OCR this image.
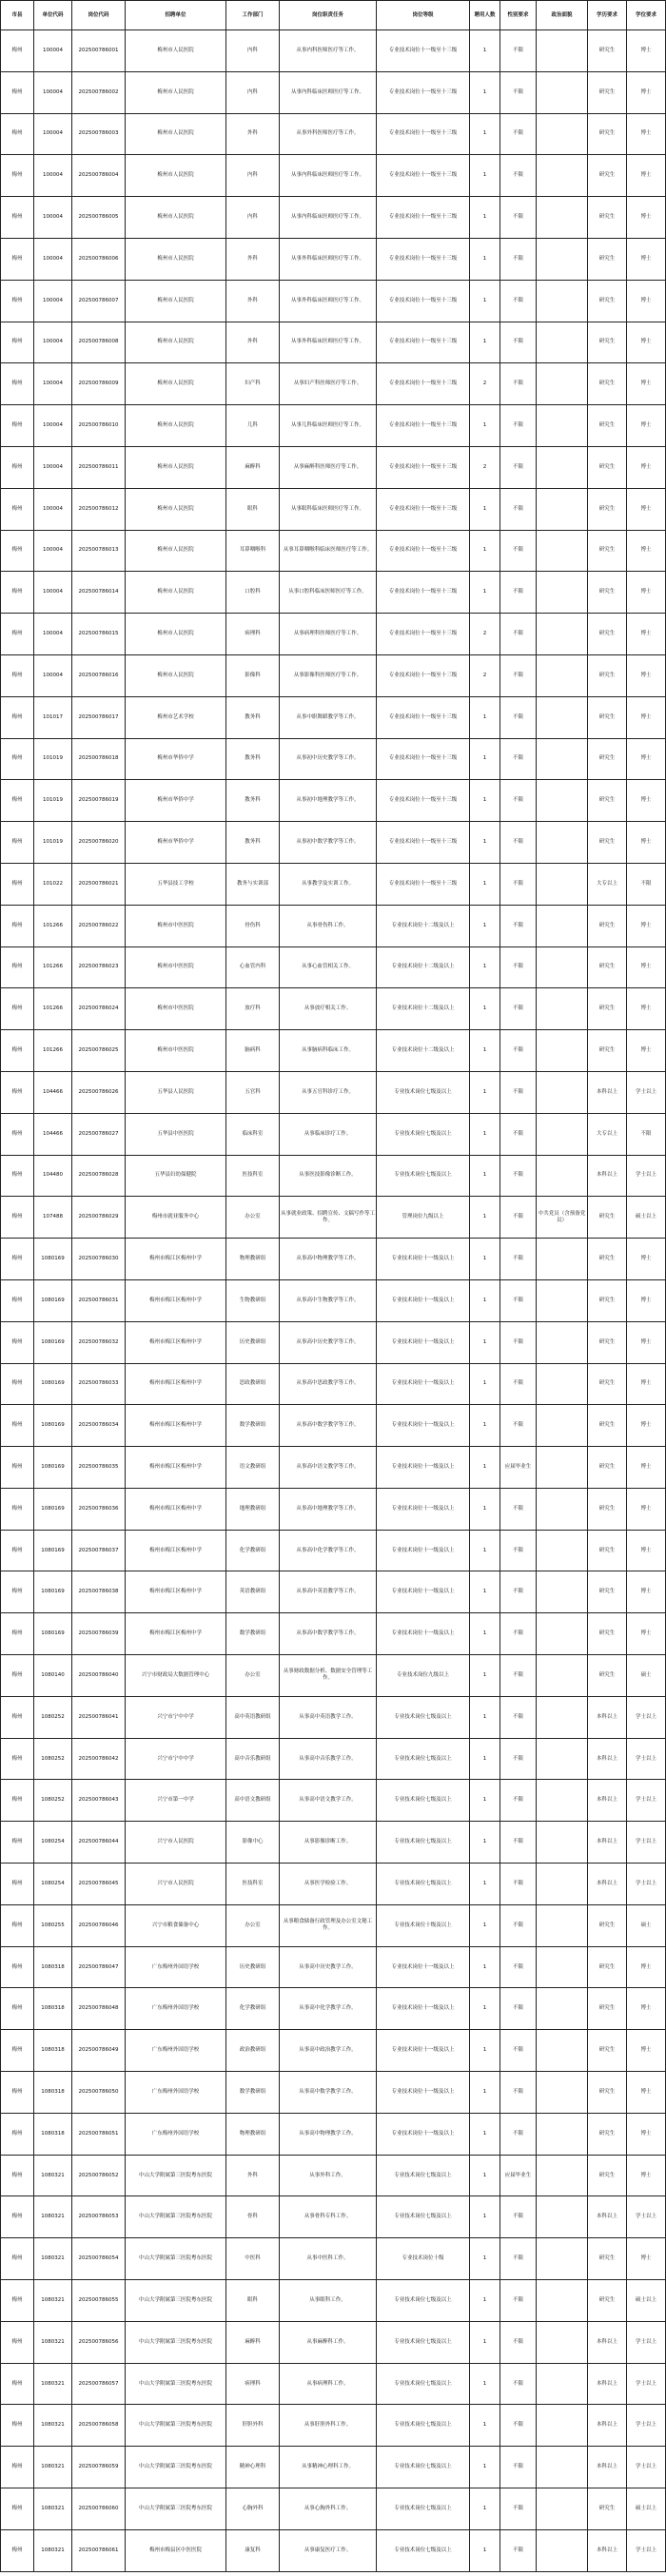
市县	单位代码	岗位代码	招聘单位	工作部门	岗位职责任务	岗位等级	聘用人数	性别要求	政治面貌	学历要求	学位要求
梅州	100004	202500786001	梅州市人民医院	内科	从事内科医师医疗等工作。	专业技术岗位十一级至十三级	1	不限		研究生	博士
梅州	100004	202500786002	梅州市人民医院	内科	从事内科临床医师医疗等工作。	专业技术岗位十一级至十三级	1	不限		研究生	博士
梅州	100004	202500786003	梅州市人民医院	外科	从事外科医师医疗等工作。	专业技术岗位十一级至十三级	1	不限		研究生	博士
梅州	100004	202500786004	梅州市人民医院	内科	从事内科临床医师医疗等工作。	专业技术岗位十一级至十三级	1	不限		研究生	博士
梅州	100004	202500786005	梅州市人民医院	内科	从事内科临床医师医疗等工作。	专业技术岗位十一级至十三级	1	不限		研究生	博士
梅州	100004	202500786006	梅州市人民医院	外科	从事外科临床医师医疗等工作。	专业技术岗位十一级至十三级	1	不限		研究生	博士
梅州	100004	202500786007	梅州市人民医院	外科	从事外科临床医师医疗等工作。	专业技术岗位十一级至十三级	1	不限		研究生	博士
梅州	100004	202500786008	梅州市人民医院	外科	从事外科临床医师医疗等工作。	专业技术岗位十一级至十三级	1	不限		研究生	博士
梅州	100004	202500786009	梅州市人民医院	妇产科	从事妇产科医师医疗等工作。	专业技术岗位十一级至十三级	2	不限		研究生	博士
梅州	100004	202500786010	梅州市人民医院	儿科	从事儿科临床医师医疗等工作。	专业技术岗位十一级至十三级	1	不限		研究生	博士
梅州	100004	202500786011	梅州市人民医院	麻醉科	从事麻醉科医师医疗等工作。	专业技术岗位十一级至十三级	2	不限		研究生	博士
梅州	100004	202500786012	梅州市人民医院	眼科	从事眼科临床医师医疗等工作。	专业技术岗位十一级至十三级	1	不限		研究生	博士
梅州	100004	202500786013	梅州市人民医院	耳鼻咽喉科	从事耳鼻咽喉科临床医师医疗等工作。	专业技术岗位十一级至十三级	1	不限		研究生	博士
梅州	100004	202500786014	梅州市人民医院	口腔科	从事口腔科临床医师医疗等工作。	专业技术岗位十一级至十三级	1	不限		研究生	博士
梅州	100004	202500786015	梅州市人民医院	病理科	从事病理科医师医疗等工作。	专业技术岗位十一级至十三级	2	不限		研究生	博士
梅州	100004	202500786016	梅州市人民医院	影像科	从事影像科医师医疗等工作。	专业技术岗位十一级至十三级	2	不限		研究生	博士
梅州	101017	202500786017	梅州市艺术学校	教务科	从事中职舞蹈教学等工作。	专业技术岗位十一级至十三级	1	不限		研究生	博士
梅州	101019	202500786018	梅州市华侨中学	教务科	从事初中历史教学等工作。	专业技术岗位十一级至十三级	1	不限		研究生	博士
梅州	101019	202500786019	梅州市华侨中学	教务科	从事初中地理教学等工作。	专业技术岗位十一级至十三级	1	不限		研究生	博士
梅州	101019	202500786020	梅州市华侨中学	教务科	从事初中数学教学等工作。	专业技术岗位十一级至十三级	1	不限		研究生	博士
梅州	101022	202500786021	五华县技工学校	教务与实训部	从事教学及实训工作。	专业技术岗位十一级至十三级	1	不限		大专以上	不限
梅州	101266	202500786022	梅州市中医医院	骨伤科	从事骨伤科工作。	专业技术岗位十二级及以上	1	不限		研究生	博士
梅州	101266	202500786023	梅州市中医医院	心血管内科	从事心血管相关工作。	专业技术岗位十二级及以上	1	不限		研究生	博士
梅州	101266	202500786024	梅州市中医医院	放疗科	从事放疗相关工作。	专业技术岗位十二级及以上	1	不限		研究生	博士
梅州	101266	202500786025	梅州市中医医院	脑病科	从事脑病科临床工作。	专业技术岗位十二级及以上	1	不限		研究生	博士
梅州	104466	202500786026	五华县人民医院	五官科	从事五官科诊疗工作。	专业技术岗位七级及以上	1	不限		本科以上	学士以上
梅州	104466	202500786027	五华县中医医院	临床科室	从事临床诊疗工作。	专业技术岗位七级及以上	1	不限		大专以上	不限
梅州	104480	202500786028	五华县妇幼保健院	医技科室	从事医技影像诊断工作。	专业技术岗位七级及以上	1	不限		本科以上	学士以上
梅州	107488	202500786029	梅州市就业服务中心	办公室	从事就业政策、招聘宣传、文稿写作等工作。	管理岗位九级以上	1	不限	中共党员（含预备党员）	研究生	硕士以上
梅州	1080169	202500786030	梅州市梅江区梅州中学	物理教研组	从事高中物理教学等工作。	专业技术岗位十一级及以上	1	不限		研究生	博士
梅州	1080169	202500786031	梅州市梅江区梅州中学	生物教研组	从事高中生物教学等工作。	专业技术岗位十一级及以上	1	不限		研究生	博士
梅州	1080169	202500786032	梅州市梅江区梅州中学	历史教研组	从事高中历史教学等工作。	专业技术岗位十一级及以上	1	不限		研究生	博士
梅州	1080169	202500786033	梅州市梅江区梅州中学	思政教研组	从事高中思政教学等工作。	专业技术岗位十一级及以上	1	不限		研究生	博士
梅州	1080169	202500786034	梅州市梅江区梅州中学	数学教研组	从事高中数学教学等工作。	专业技术岗位十一级及以上	1	不限		研究生	博士
梅州	1080169	202500786035	梅州市梅江区梅州中学	语文教研组	从事高中语文教学等工作。	专业技术岗位十一级及以上	1	应届毕业生		研究生	博士
梅州	1080169	202500786036	梅州市梅江区梅州中学	地理教研组	从事高中地理教学等工作。	专业技术岗位十一级及以上	1	不限		研究生	博士
梅州	1080169	202500786037	梅州市梅江区梅州中学	化学教研组	从事高中化学教学等工作。	专业技术岗位十一级及以上	1	不限		研究生	博士
梅州	1080169	202500786038	梅州市梅江区梅州中学	英语教研组	从事高中英语教学等工作。	专业技术岗位十一级及以上	1	不限		研究生	博士
梅州	1080169	202500786039	梅州市梅江区梅州中学	数学教研组	从事高中数学教学等工作。	专业技术岗位十一级及以上	1	不限		研究生	博士
梅州	1080140	202500786040	兴宁市财政局大数据管理中心	办公室	从事财政数据分析、数据安全管理等工作。	专业技术岗位九级以上	1	不限		研究生	硕士
梅州	1080252	202500786041	兴宁市宁中中学	高中英语教研组	从事高中英语教学工作。	专业技术岗位七级及以上	1	不限		本科以上	学士以上
梅州	1080252	202500786042	兴宁市宁中中学	高中音乐教研组	从事高中音乐教学工作。	专业技术岗位七级及以上	1	不限		本科以上	学士以上
梅州	1080252	202500786043	兴宁市第一中学	高中语文教研组	从事高中语文教学工作。	专业技术岗位七级及以上	1	不限		本科以上	学士以上
梅州	1080254	202500786044	兴宁市人民医院	影像中心	从事影像诊断工作。	专业技术岗位七级及以上	1	不限		本科以上	学士以上
梅州	1080254	202500786045	兴宁市人民医院	医技科室	从事医学检验工作。	专业技术岗位七级及以上	1	不限		本科以上	学士以上
梅州	1080255	202500786046	兴宁市粮食储备中心	办公室	从事粮食储备行政管理及办公室文秘工作。	专业技术岗位十级及以上	1	不限		研究生	硕士
梅州	1080318	202500786047	广东梅州外国语学校	历史教研组	从事高中历史教学工作。	专业技术岗位十一级及以上	1	不限		研究生	博士
梅州	1080318	202500786048	广东梅州外国语学校	化学教研组	从事高中化学教学工作。	专业技术岗位十一级及以上	1	不限		研究生	博士
梅州	1080318	202500786049	广东梅州外国语学校	政治教研组	从事高中政治教学工作。	专业技术岗位十一级及以上	1	不限		研究生	博士
梅州	1080318	202500786050	广东梅州外国语学校	数学教研组	从事高中数学教学工作。	专业技术岗位十一级及以上	1	不限		研究生	博士
梅州	1080318	202500786051	广东梅州外国语学校	物理教研组	从事高中物理教学工作。	专业技术岗位十一级及以上	1	不限		研究生	博士
梅州	1080321	202500786052	中山大学附属第三医院粤东医院	外科	从事外科工作。	专业技术岗位七级及以上	1	应届毕业生		研究生	博士
梅州	1080321	202500786053	中山大学附属第三医院粤东医院	骨科	从事骨科专科工作。	专业技术岗位七级及以上	1	不限		本科以上	学士以上
梅州	1080321	202500786054	中山大学附属第三医院粤东医院	中医科	从事中医科工作。	专业技术岗位十级	1	不限		研究生	博士
梅州	1080321	202500786055	中山大学附属第三医院粤东医院	眼科	从事眼科工作。	专业技术岗位七级及以上	1	不限		研究生	硕士以上
梅州	1080321	202500786056	中山大学附属第三医院粤东医院	麻醉科	从事麻醉科工作。	专业技术岗位七级及以上	1	不限		本科以上	学士以上
梅州	1080321	202500786057	中山大学附属第三医院粤东医院	病理科	从事病理科工作。	专业技术岗位七级及以上	1	不限		本科以上	学士以上
梅州	1080321	202500786058	中山大学附属第三医院粤东医院	肝胆外科	从事肝胆外科工作。	专业技术岗位七级及以上	1	不限		本科以上	学士以上
梅州	1080321	202500786059	中山大学附属第三医院粤东医院	精神心理科	从事精神心理科工作。	专业技术岗位七级及以上	1	不限		本科以上	学士以上
梅州	1080321	202500786060	中山大学附属第三医院粤东医院	心胸外科	从事心胸外科工作。	专业技术岗位七级及以上	1	不限		研究生	硕士以上
梅州	1080321	202500786061	梅州市梅县区中医医院	康复科	从事康复医疗工作。	专业技术岗位七级及以上	1	不限		本科以上	学士以上
